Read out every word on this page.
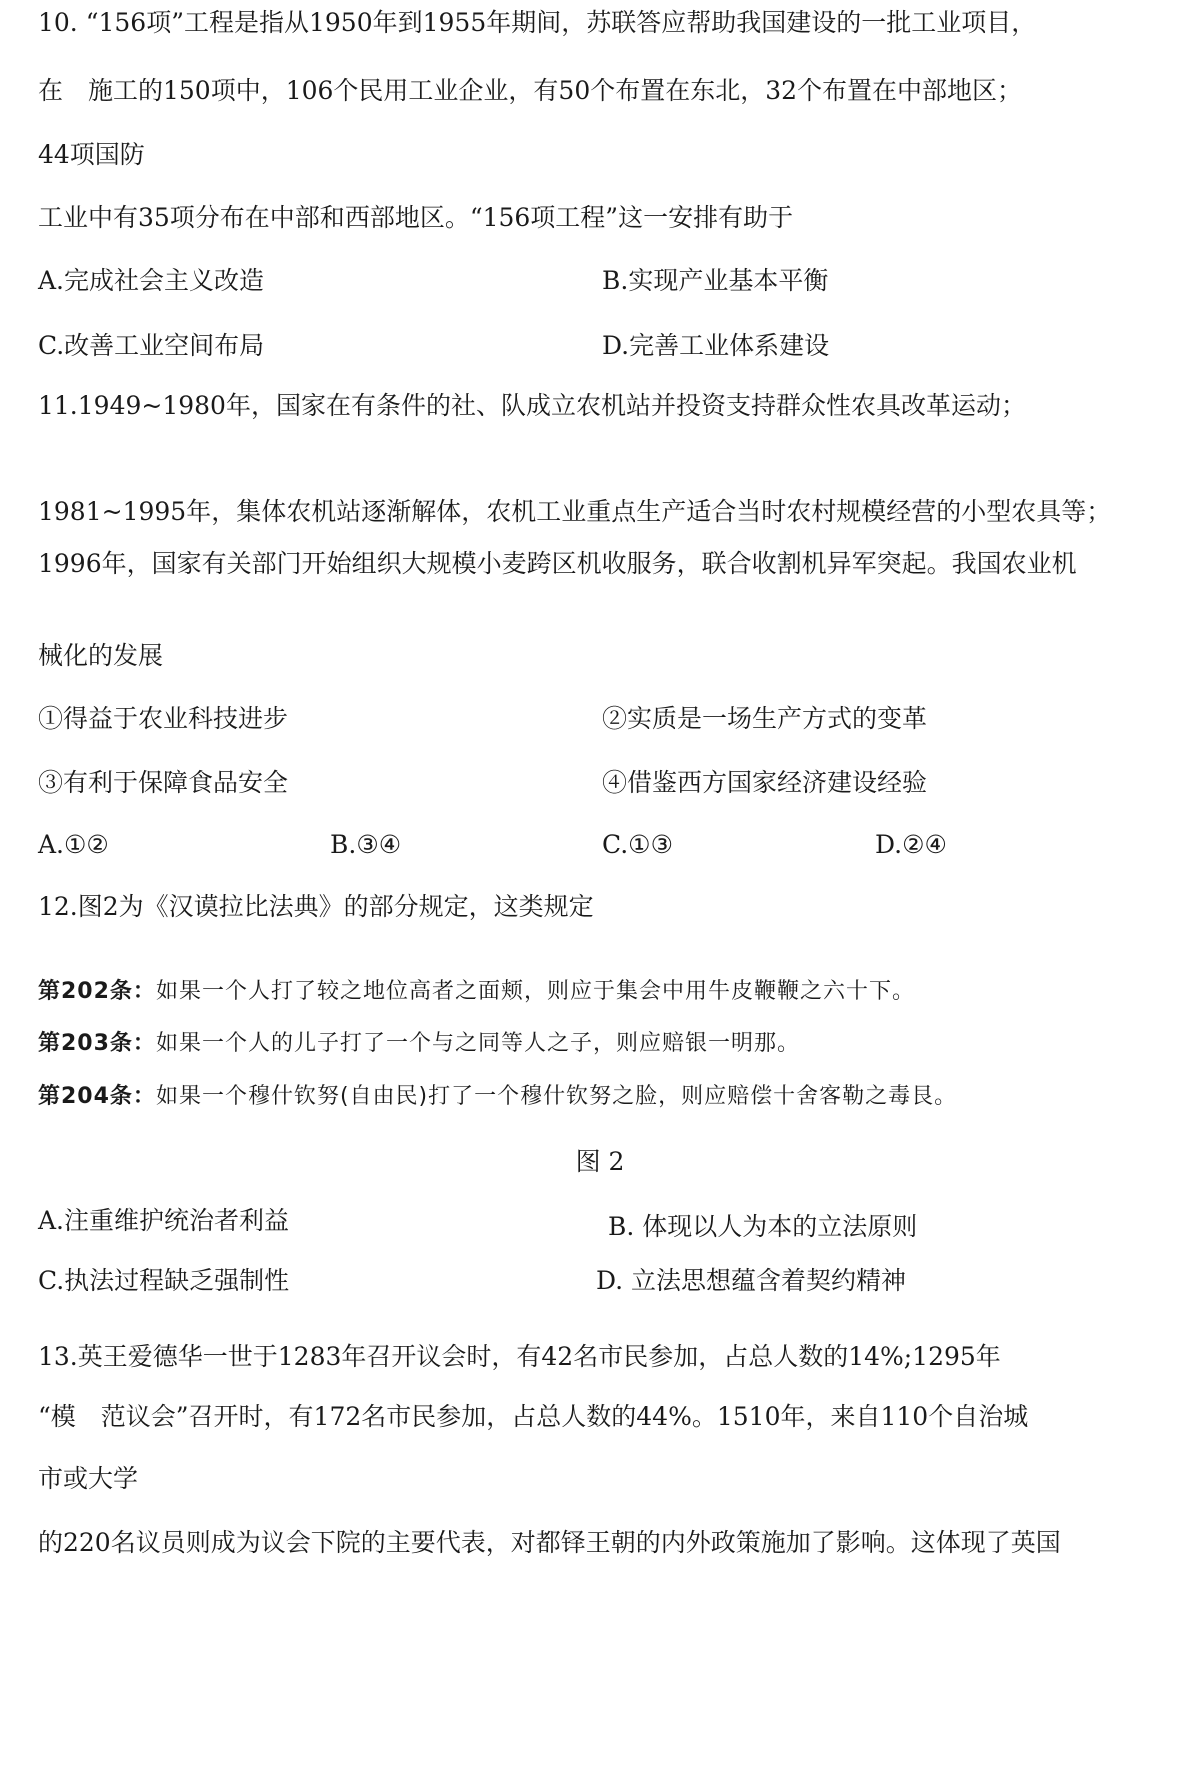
10. “156项”工程是指从1950年到1955年期间，苏联答应帮助我国建设的一批工业项目，

在　施工的150项中，106个民用工业企业，有50个布置在东北，32个布置在中部地区；

44项国防

工业中有35项分布在中部和西部地区。“156项工程”这一安排有助于

A.完成社会主义改造	B.实现产业基本平衡

C.改善工业空间布局	D.完善工业体系建设

11.1949~1980年，国家在有条件的社、队成立农机站并投资支持群众性农具改革运动；

1981~1995年，集体农机站逐渐解体，农机工业重点生产适合当时农村规模经营的小型农具等；

1996年，国家有关部门开始组织大规模小麦跨区机收服务，联合收割机异军突起。我国农业机

械化的发展

①得益于农业科技进步	②实质是一场生产方式的变革

③有利于保障食品安全	④借鉴西方国家经济建设经验

A.①②	B.③④	C.①③	D.②④

12.图2为《汉谟拉比法典》的部分规定，这类规定

第202条：如果一个人打了较之地位高者之面颊，则应于集会中用牛皮鞭鞭之六十下。

第203条：如果一个人的儿子打了一个与之同等人之子，则应赔银一明那。

第204条：如果一个穆什钦努(自由民)打了一个穆什钦努之脸，则应赔偿十舍客勒之毒艮。

图 2

A.注重维护统治者利益	B. 体现以人为本的立法原则

C.执法过程缺乏强制性	D. 立法思想蕴含着契约精神

13.英王爱德华一世于1283年召开议会时，有42名市民参加，占总人数的14%;1295年

“模　范议会”召开时，有172名市民参加，占总人数的44%。1510年，来自110个自治城

市或大学

的220名议员则成为议会下院的主要代表，对都铎王朝的内外政策施加了影响。这体现了英国
